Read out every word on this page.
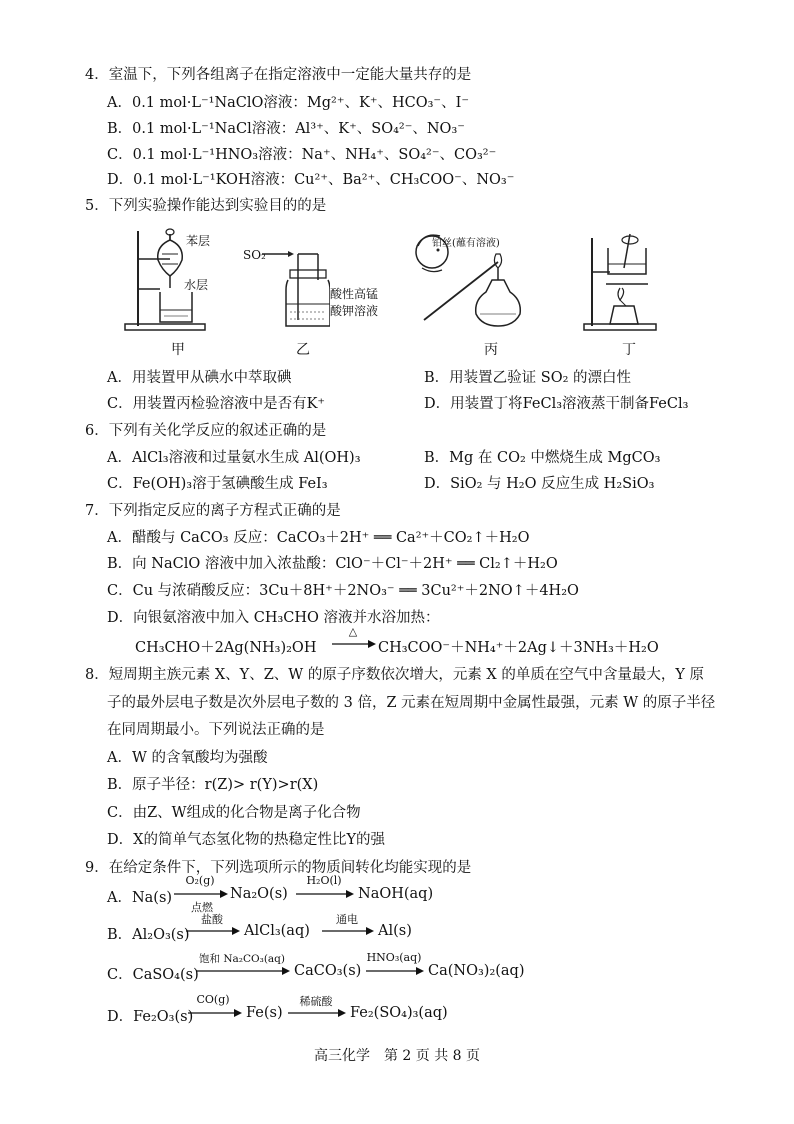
4．室温下，下列各组离子在指定溶液中一定能大量共存的是
A．0.1 mol·L⁻¹NaClO溶液：Mg²⁺、K⁺、HCO₃⁻、I⁻
B．0.1 mol·L⁻¹NaCl溶液：Al³⁺、K⁺、SO₄²⁻、NO₃⁻
C．0.1 mol·L⁻¹HNO₃溶液：Na⁺、NH₄⁺、SO₄²⁻、CO₃²⁻
D．0.1 mol·L⁻¹KOH溶液：Cu²⁺、Ba²⁺、CH₃COO⁻、NO₃⁻
5．下列实验操作能达到实验目的的是
苯层
水层
SO₂
酸性高锰
酸钾溶液
铂丝(蘸有溶液)
甲	乙	丙	丁
A．用装置甲从碘水中萃取碘	B．用装置乙验证 SO₂ 的漂白性
C．用装置丙检验溶液中是否有K⁺	D．用装置丁将FeCl₃溶液蒸干制备FeCl₃
6．下列有关化学反应的叙述正确的是
A．AlCl₃溶液和过量氨水生成 Al(OH)₃	B．Mg 在 CO₂ 中燃烧生成 MgCO₃
C．Fe(OH)₃溶于氢碘酸生成 FeI₃	D．SiO₂ 与 H₂O 反应生成 H₂SiO₃
7．下列指定反应的离子方程式正确的是
A．醋酸与 CaCO₃ 反应：CaCO₃＋2H⁺ ══ Ca²⁺＋CO₂↑＋H₂O
B．向 NaClO 溶液中加入浓盐酸：ClO⁻＋Cl⁻＋2H⁺ ══ Cl₂↑＋H₂O
C．Cu 与浓硝酸反应：3Cu＋8H⁺＋2NO₃⁻ ══ 3Cu²⁺＋2NO↑＋4H₂O
D．向银氨溶液中加入 CH₃CHO 溶液并水浴加热：
CH₃CHO＋2Ag(NH₃)₂OH
△
CH₃COO⁻＋NH₄⁺＋2Ag↓＋3NH₃＋H₂O
8．短周期主族元素 X、Y、Z、W 的原子序数依次增大，元素 X 的单质在空气中含量最大，Y 原
子的最外层电子数是次外层电子数的 3 倍，Z 元素在短周期中金属性最强，元素 W 的原子半径
在同周期最小。下列说法正确的是
A．W 的含氧酸均为强酸
B．原子半径：r(Z)> r(Y)>r(X)
C．由Z、W组成的化合物是离子化合物
D．X的简单气态氢化物的热稳定性比Y的强
9．在给定条件下，下列选项所示的物质间转化均能实现的是
A．Na(s)
O₂(g)
点燃
Na₂O(s)
H₂O(l)
NaOH(aq)
B．Al₂O₃(s)
盐酸
AlCl₃(aq)
通电
Al(s)
C．CaSO₄(s)
饱和 Na₂CO₃(aq)
CaCO₃(s)
HNO₃(aq)
Ca(NO₃)₂(aq)
D．Fe₂O₃(s)
CO(g)
Fe(s)
稀硫酸
Fe₂(SO₄)₃(aq)
高三化学　第 2 页 共 8 页
